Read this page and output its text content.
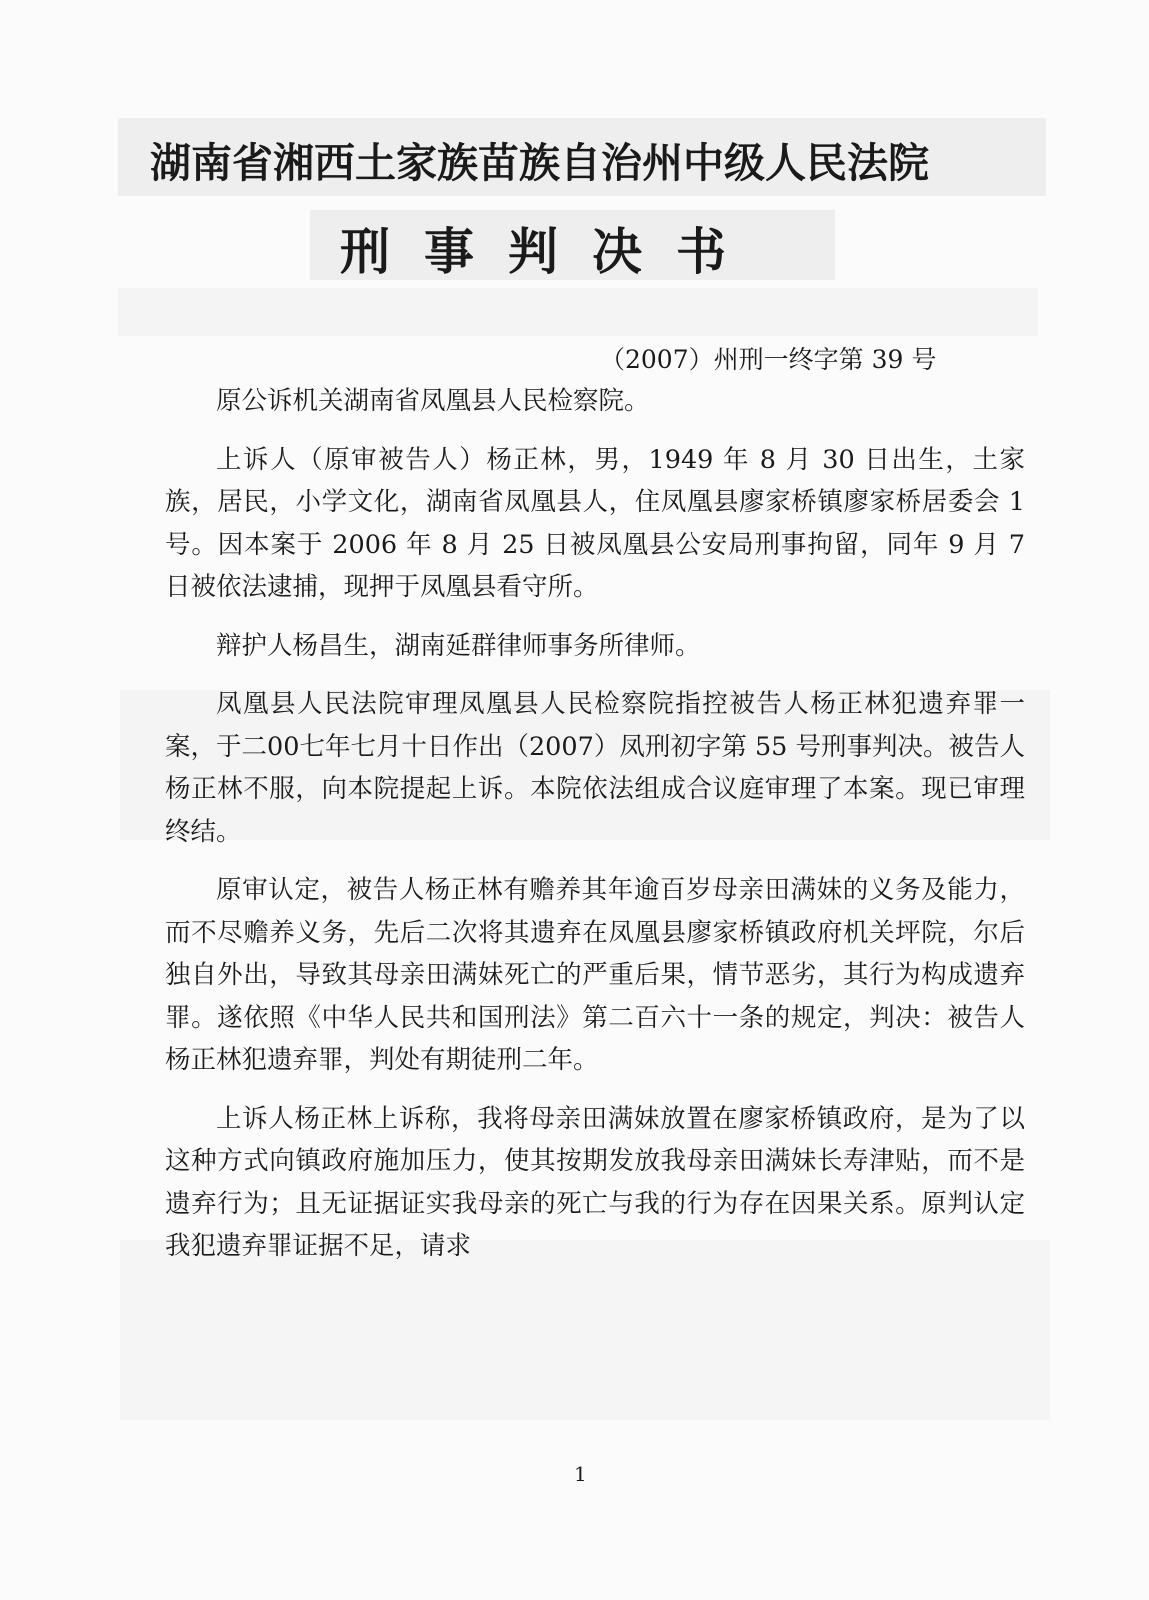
湖南省湘西土家族苗族自治州中级人民法院
刑事判决书
（2007）州刑一终字第 39 号

原公诉机关湖南省凤凰县人民检察院。

上诉人（原审被告人）杨正林，男，1949 年 8 月 30 日出生，土家族，居民，小学文化，湖南省凤凰县人，住凤凰县廖家桥镇廖家桥居委会 1 号。因本案于 2006 年 8 月 25 日被凤凰县公安局刑事拘留，同年 9 月 7 日被依法逮捕，现押于凤凰县看守所。

辩护人杨昌生，湖南延群律师事务所律师。

凤凰县人民法院审理凤凰县人民检察院指控被告人杨正林犯遗弃罪一案，于二00七年七月十日作出（2007）凤刑初字第 55 号刑事判决。被告人杨正林不服，向本院提起上诉。本院依法组成合议庭审理了本案。现已审理终结。

原审认定，被告人杨正林有赡养其年逾百岁母亲田满妹的义务及能力，而不尽赡养义务，先后二次将其遗弃在凤凰县廖家桥镇政府机关坪院，尔后独自外出，导致其母亲田满妹死亡的严重后果，情节恶劣，其行为构成遗弃罪。遂依照《中华人民共和国刑法》第二百六十一条的规定，判决：被告人杨正林犯遗弃罪，判处有期徒刑二年。

上诉人杨正林上诉称，我将母亲田满妹放置在廖家桥镇政府，是为了以这种方式向镇政府施加压力，使其按期发放我母亲田满妹长寿津贴，而不是遗弃行为；且无证据证实我母亲的死亡与我的行为存在因果关系。原判认定我犯遗弃罪证据不足，请求

1
